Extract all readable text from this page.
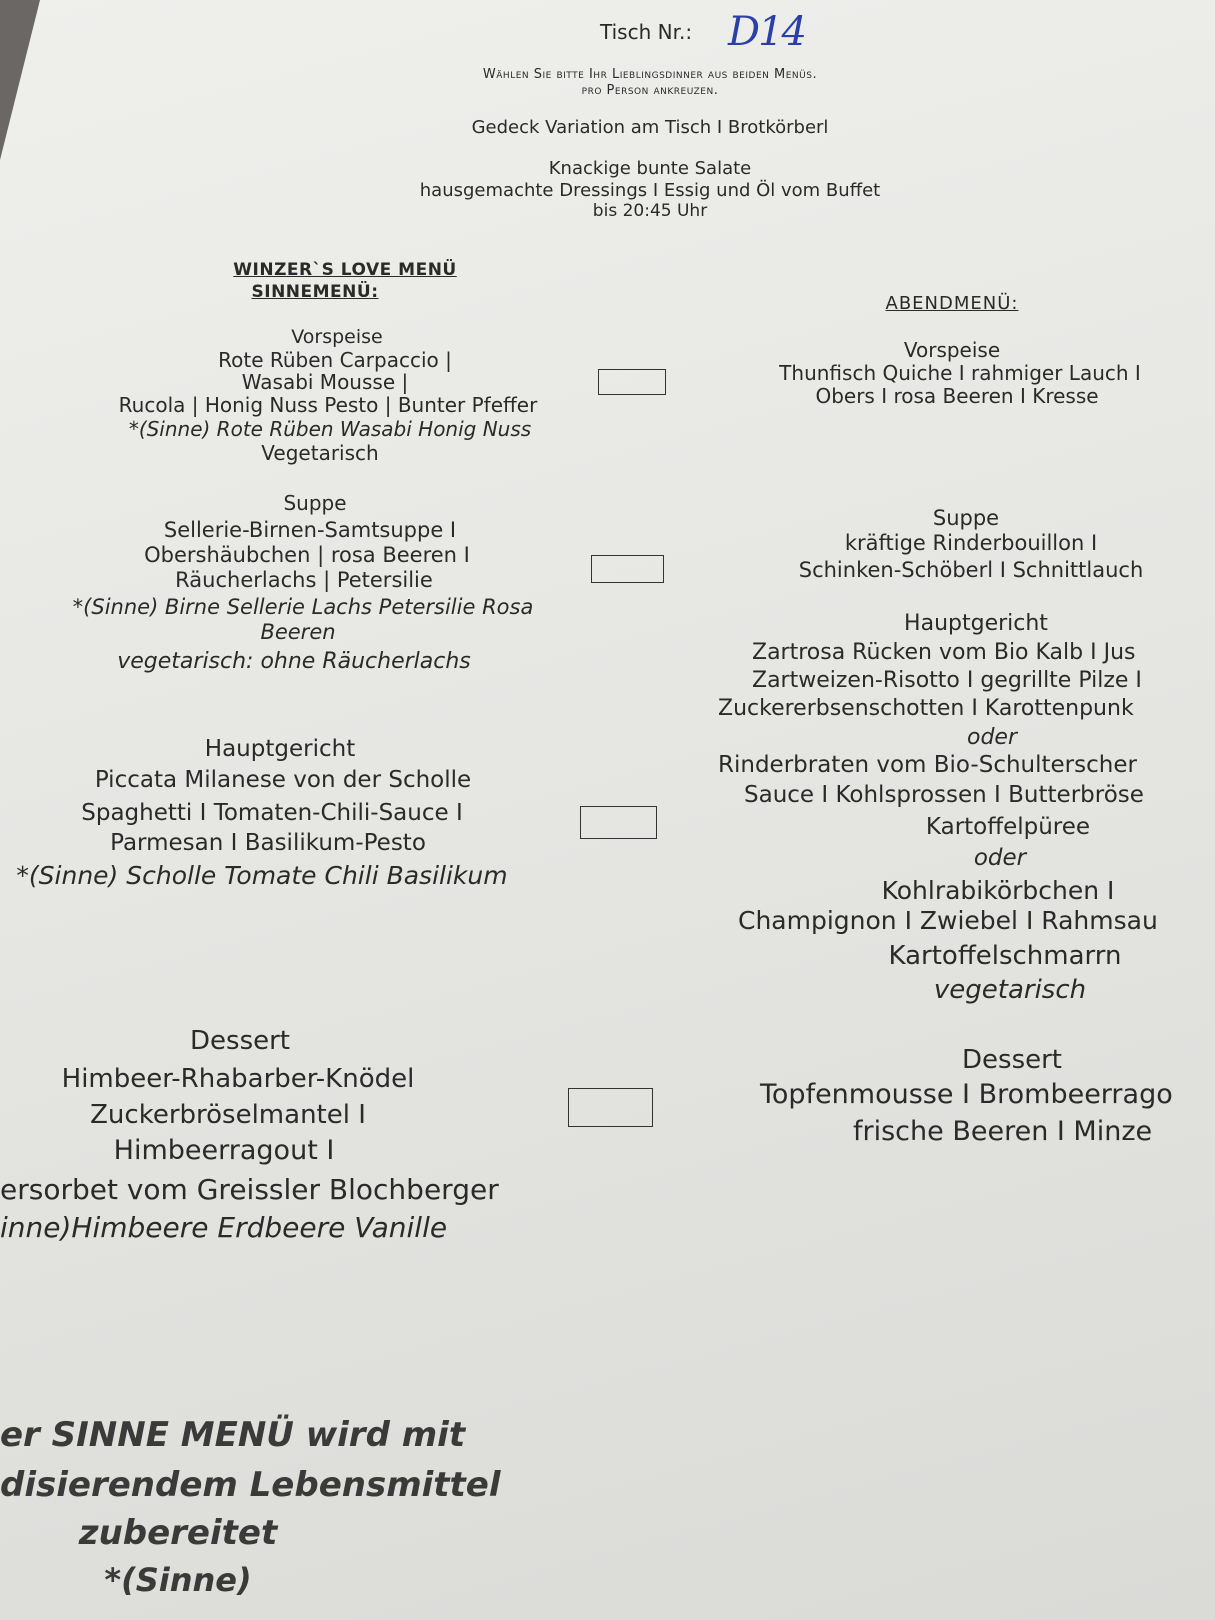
Tisch Nr.: D14
Wählen Sie bitte Ihr Lieblingsdinner aus beiden Menüs.
pro Person ankreuzen.
Gedeck Variation am Tisch I Brotkörberl
Knackige bunte Salate
hausgemachte Dressings I Essig und Öl vom Buffet
bis 20:45 Uhr
WINZER`S LOVE MENÜ
SINNEMENÜ:
Vorspeise
Rote Rüben Carpaccio |
Wasabi Mousse |
Rucola | Honig Nuss Pesto | Bunter Pfeffer
*(Sinne) Rote Rüben Wasabi Honig Nuss
Vegetarisch
Suppe
Sellerie-Birnen-Samtsuppe I
Obershäubchen | rosa Beeren I
Räucherlachs | Petersilie
*(Sinne) Birne Sellerie Lachs Petersilie Rosa
Beeren
vegetarisch: ohne Räucherlachs
Hauptgericht
Piccata Milanese von der Scholle
Spaghetti I Tomaten-Chili-Sauce I
Parmesan I Basilikum-Pesto
*(Sinne) Scholle Tomate Chili Basilikum
Dessert
Himbeer-Rhabarber-Knödel
Zuckerbröselmantel I
Himbeerragout I
ersorbet vom Greissler Blochberger
inne)Himbeere Erdbeere Vanille
er SINNE MENÜ wird mit
disierendem Lebensmittel
zubereitet
*(Sinne)
ABENDMENÜ:
Vorspeise
Thunfisch Quiche I rahmiger Lauch I
Obers I rosa Beeren I Kresse
Suppe
kräftige Rinderbouillon I
Schinken-Schöberl I Schnittlauch
Hauptgericht
Zartrosa Rücken vom Bio Kalb I Jus
Zartweizen-Risotto I gegrillte Pilze I
Zuckererbsenschotten I Karottenpunk
oder
Rinderbraten vom Bio-Schulterscher
Sauce I Kohlsprossen I Butterbröse
Kartoffelpüree
oder
Kohlrabikörbchen I
Champignon I Zwiebel I Rahmsau
Kartoffelschmarrn
vegetarisch
Dessert
Topfenmousse I Brombeerrago
frische Beeren I Minze
